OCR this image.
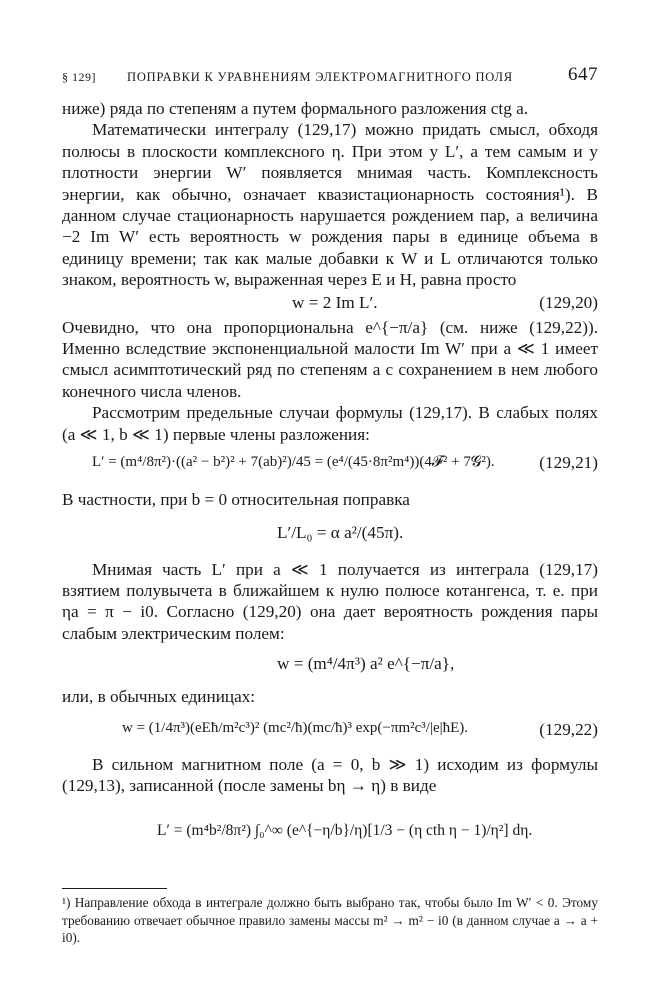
§ 129] ПОПРАВКИ К УРАВНЕНИЯМ ЭЛЕКТРОМАГНИТНОГО ПОЛЯ	647

ниже) ряда по степеням a путем формального разложения ctg a.

Математически интегралу (129,17) можно придать смысл, обходя полюсы в плоскости комплексного η. При этом у L′, а тем самым и у плотности энергии W′ появляется мнимая часть. Комплексность энергии, как обычно, означает квазистационарность состояния¹). В данном случае стационарность нарушается рождением пар, а величина −2 Im W′ есть вероятность w рождения пары в единице объема в единицу времени; так как малые добавки к W и L отличаются только знаком, вероятность w, выраженная через E и H, равна просто

w = 2 Im L′.	(129,20)

Очевидно, что она пропорциональна e^{−π/a} (см. ниже (129,22)). Именно вследствие экспоненциальной малости Im W′ при a ≪ 1 имеет смысл асимптотический ряд по степеням a с сохранением в нем любого конечного числа членов.

Рассмотрим предельные случаи формулы (129,17). В слабых полях (a ≪ 1, b ≪ 1) первые члены разложения:

L′ = (m⁴/8π²)·((a² − b²)² + 7(ab)²)/45 = (e⁴/(45·8π²m⁴))(4𝓕² + 7𝓖²).	(129,21)

В частности, при b = 0 относительная поправка

L′/L₀ = α a²/(45π).

Мнимая часть L′ при a ≪ 1 получается из интеграла (129,17) взятием полувычета в ближайшем к нулю полюсе котангенса, т. е. при ηa = π − i0. Согласно (129,20) она дает вероятность рождения пары слабым электрическим полем:

w = (m⁴/4π³) a² e^{−π/a},

или, в обычных единицах:

w = (1/4π³)(eEħ/m²c³)² (mc²/ħ)(mc/ħ)³ exp(−πm²c³/|e|ħE).	(129,22)

В сильном магнитном поле (a = 0, b ≫ 1) исходим из формулы (129,13), записанной (после замены bη → η) в виде

L′ = (m⁴b²/8π²) ∫₀^∞ (e^{−η/b}/η)[1/3 − (η cth η − 1)/η²] dη.

¹) Направление обхода в интеграле должно быть выбрано так, чтобы было Im W′ < 0. Этому требованию отвечает обычное правило замены массы m² → m² − i0 (в данном случае a → a + i0).
